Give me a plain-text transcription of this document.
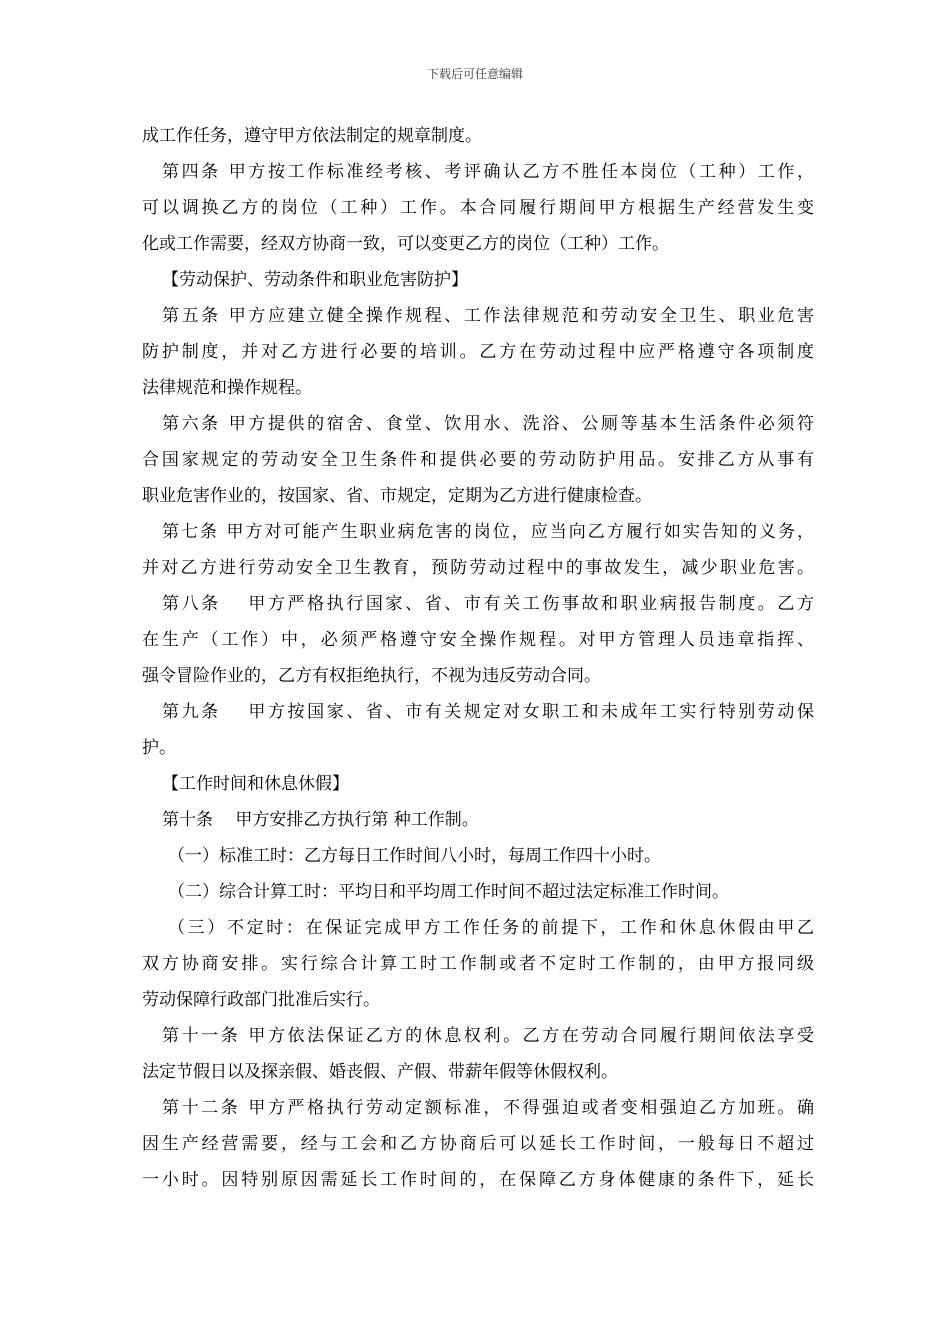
下载后可任意编辑
成工作任务，遵守甲方依法制定的规章制度。
第四条 甲方按工作标准经考核、考评确认乙方不胜任本岗位（工种）工作，
可以调换乙方的岗位（工种）工作。本合同履行期间甲方根据生产经营发生变
化或工作需要，经双方协商一致，可以变更乙方的岗位（工种）工作。
【劳动保护、劳动条件和职业危害防护】
第五条 甲方应建立健全操作规程、工作法律规范和劳动安全卫生、职业危害
防护制度，并对乙方进行必要的培训。乙方在劳动过程中应严格遵守各项制度
法律规范和操作规程。
第六条 甲方提供的宿舍、食堂、饮用水、洗浴、公厕等基本生活条件必须符
合国家规定的劳动安全卫生条件和提供必要的劳动防护用品。安排乙方从事有
职业危害作业的，按国家、省、市规定，定期为乙方进行健康检查。
第七条 甲方对可能产生职业病危害的岗位，应当向乙方履行如实告知的义务，
并对乙方进行劳动安全卫生教育，预防劳动过程中的事故发生，减少职业危害。
第八条　 甲方严格执行国家、省、市有关工伤事故和职业病报告制度。乙方
在生产（工作）中，必须严格遵守安全操作规程。对甲方管理人员违章指挥、
强令冒险作业的，乙方有权拒绝执行，不视为违反劳动合同。
第九条　 甲方按国家、省、市有关规定对女职工和未成年工实行特别劳动保
护。
【工作时间和休息休假】
第十条　 甲方安排乙方执行第 种工作制。
（一）标准工时：乙方每日工作时间八小时，每周工作四十小时。
（二）综合计算工时：平均日和平均周工作时间不超过法定标准工作时间。
（三）不定时：在保证完成甲方工作任务的前提下，工作和休息休假由甲乙
双方协商安排。实行综合计算工时工作制或者不定时工作制的，由甲方报同级
劳动保障行政部门批准后实行。
第十一条 甲方依法保证乙方的休息权利。乙方在劳动合同履行期间依法享受
法定节假日以及探亲假、婚丧假、产假、带薪年假等休假权利。
第十二条 甲方严格执行劳动定额标准，不得强迫或者变相强迫乙方加班。确
因生产经营需要，经与工会和乙方协商后可以延长工作时间，一般每日不超过
一小时。因特别原因需延长工作时间的，在保障乙方身体健康的条件下，延长
